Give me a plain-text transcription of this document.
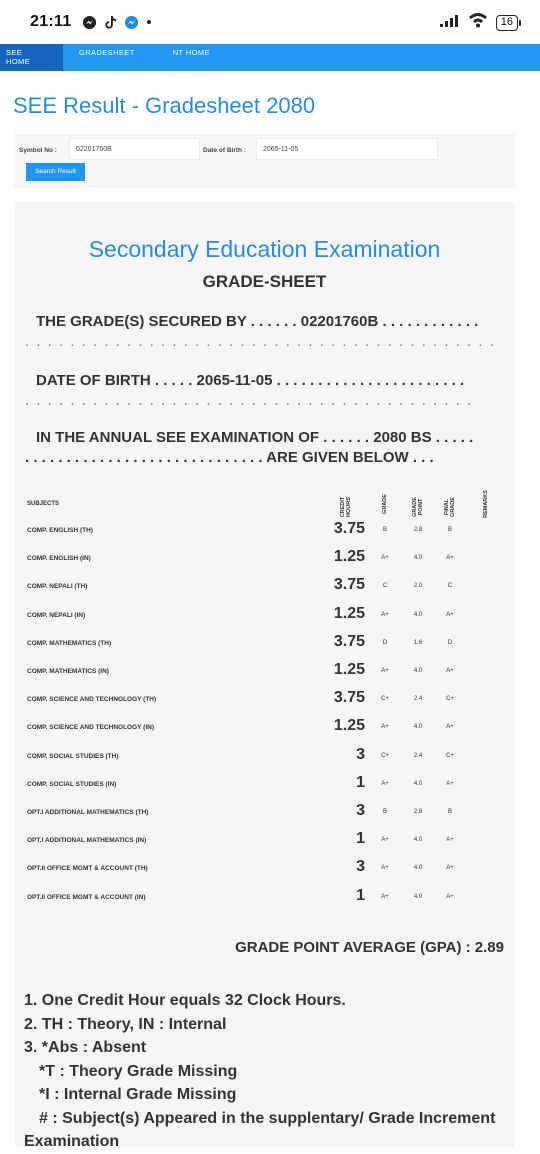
21:11	16
SEE HOME
GRADESHEET	NT HOME
SEE Result - Gradesheet 2080
Symbol No :	02201760B	Date of Birth :	2065-11-05
Search Result
Secondary Education Examination
GRADE-SHEET
THE GRADE(S) SECURED BY . . . . . . 02201760B . . . . . . . . . . . .
. . . . . . . . . . . . . . . . . . . . . . . . . . . . . . . . . . . . . . . . . .
DATE OF BIRTH . . . . . 2065-11-05 . . . . . . . . . . . . . . . . . . . . . . .
. . . . . . . . . . . . . . . . . . . . . . . . . . . . . . . . . . . . . . . .
IN THE ANNUAL SEE EXAMINATION OF . . . . . . 2080 BS . . . . .
. . . . . . . . . . . . . . . . . . . . . . . . . . . . . ARE GIVEN BELOW . . .
SUBJECTS	CREDIT HOURS	GRADE	GRADE POINT	FINAL GRADE	REMARKS
COMP. ENGLISH (TH)	3.75	B	2.8	B
COMP. ENGLISH (IN)	1.25	A+	4.0	A+
COMP. NEPALI (TH)	3.75	C	2.0	C
COMP. NEPALI (IN)	1.25	A+	4.0	A+
COMP. MATHEMATICS (TH)	3.75	D	1.6	D
COMP. MATHEMATICS (IN)	1.25	A+	4.0	A+
COMP. SCIENCE AND TECHNOLOGY (TH)	3.75	C+	2.4	C+
COMP. SCIENCE AND TECHNOLOGY (IN)	1.25	A+	4.0	A+
COMP. SOCIAL STUDIES (TH)	3	C+	2.4	C+
COMP. SOCIAL STUDIES (IN)	1	A+	4.0	A+
OPT.I ADDITIONAL MATHEMATICS (TH)	3	B	2.8	B
OPT.I ADDITIONAL MATHEMATICS (IN)	1	A+	4.0	A+
OPT.II OFFICE MGMT & ACCOUNT (TH)	3	A+	4.0	A+
OPT.II OFFICE MGMT & ACCOUNT (IN)	1	A+	4.0	A+
GRADE POINT AVERAGE (GPA) : 2.89
1. One Credit Hour equals 32 Clock Hours.
2. TH : Theory, IN : Internal
3. *Abs : Absent
*T : Theory Grade Missing
*I : Internal Grade Missing
# : Subject(s) Appeared in the supplentary/ Grade Increment
Examination
